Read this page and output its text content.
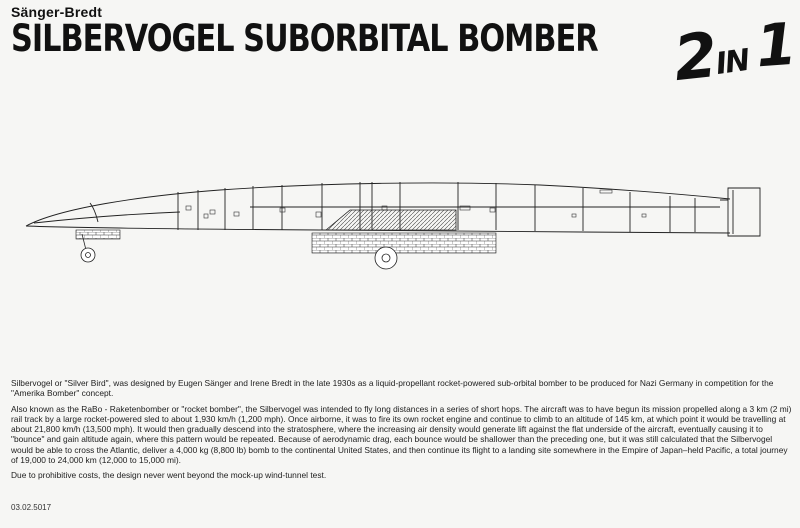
Sänger-Bredt
SILBERVOGEL SUBORBITAL BOMBER 2
IN 1

Silbervogel or "Silver Bird", was designed by Eugen Sänger and Irene Bredt in the late 1930s as a liquid-propellant rocket-powered sub-orbital bomber to be produced for Nazi Germany in competition for the "Amerika Bomber" concept.

Also known as the RaBo - Raketenbomber or "rocket bomber", the Silbervogel was intended to fly long distances in a series of short hops. The aircraft was to have begun its mission propelled along a 3 km (2 mi) rail track by a large rocket-powered sled to about 1,930 km/h (1,200 mph). Once airborne, it was to fire its own rocket engine and continue to climb to an altitude of 145 km, at which point it would be travelling at about 21,800 km/h (13,500 mph). It would then gradually descend into the stratosphere, where the increasing air density would generate lift against the flat underside of the aircraft, eventually causing it to "bounce" and gain altitude again, where this pattern would be repeated. Because of aerodynamic drag, each bounce would be shallower than the preceding one, but it was still calculated that the Silbervogel would be able to cross the Atlantic, deliver a 4,000 kg (8,800 lb) bomb to the continental United States, and then continue its flight to a landing site somewhere in the Empire of Japan–held Pacific, a total journey of 19,000 to 24,000 km (12,000 to 15,000 mi).

Due to prohibitive costs, the design never went beyond the mock-up wind-tunnel test.

03.02.5017
